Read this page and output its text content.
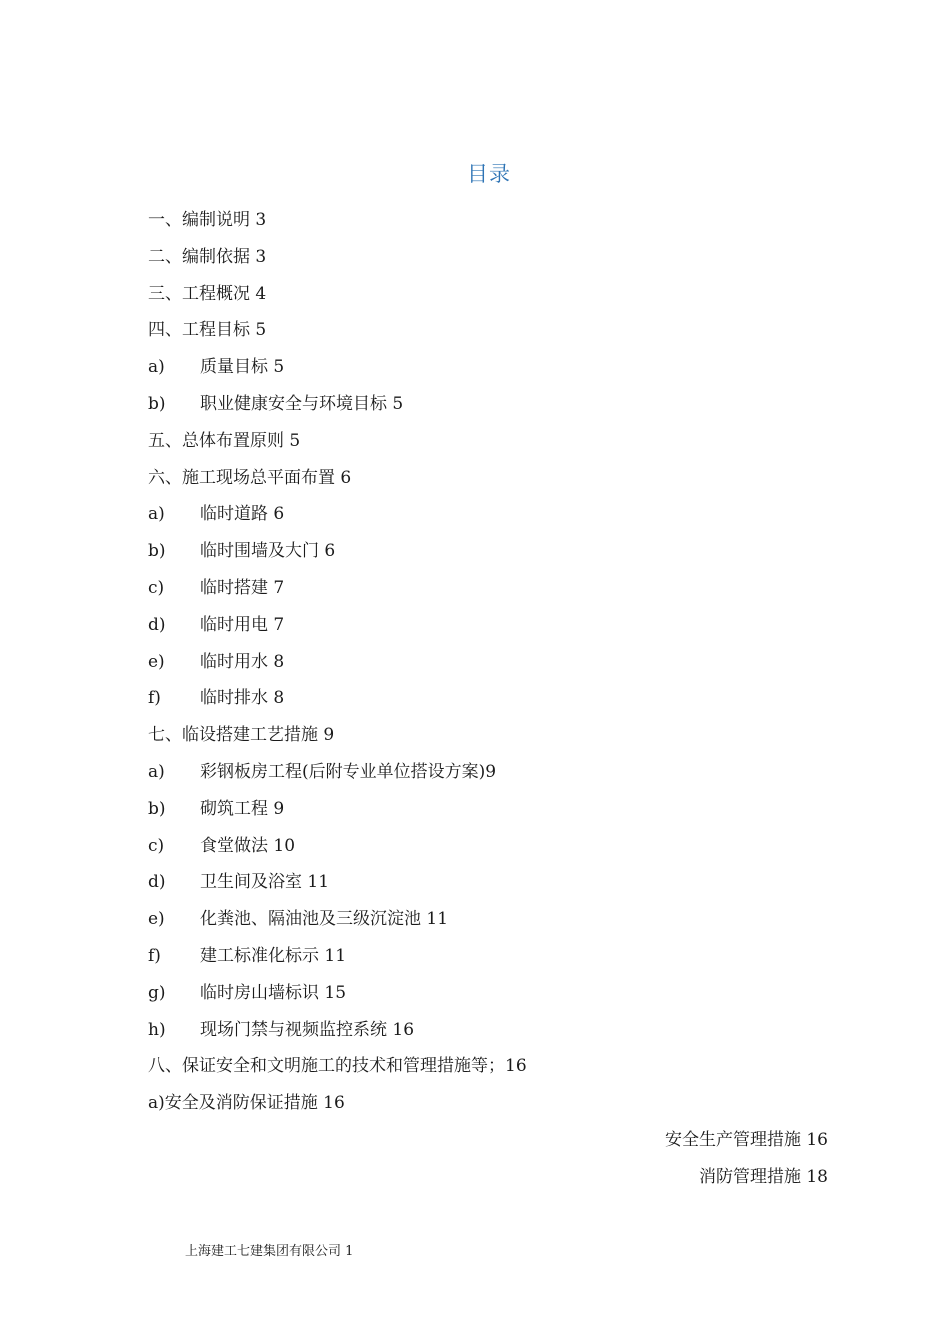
目录
一、编制说明 3
二、编制依据 3
三、工程概况 4
四、工程目标 5
a) 质量目标 5
b) 职业健康安全与环境目标 5
五、总体布置原则 5
六、施工现场总平面布置 6
a) 临时道路 6
b) 临时围墙及大门 6
c) 临时搭建 7
d) 临时用电 7
e) 临时用水 8
f) 临时排水 8
七、临设搭建工艺措施 9
a) 彩钢板房工程(后附专业单位搭设方案)9
b) 砌筑工程 9
c) 食堂做法 10
d) 卫生间及浴室 11
e) 化粪池、隔油池及三级沉淀池 11
f) 建工标准化标示 11
g) 临时房山墙标识 15
h) 现场门禁与视频监控系统 16
八、保证安全和文明施工的技术和管理措施等；16
a)安全及消防保证措施 16
安全生产管理措施 16
消防管理措施 18
上海建工七建集团有限公司 1
